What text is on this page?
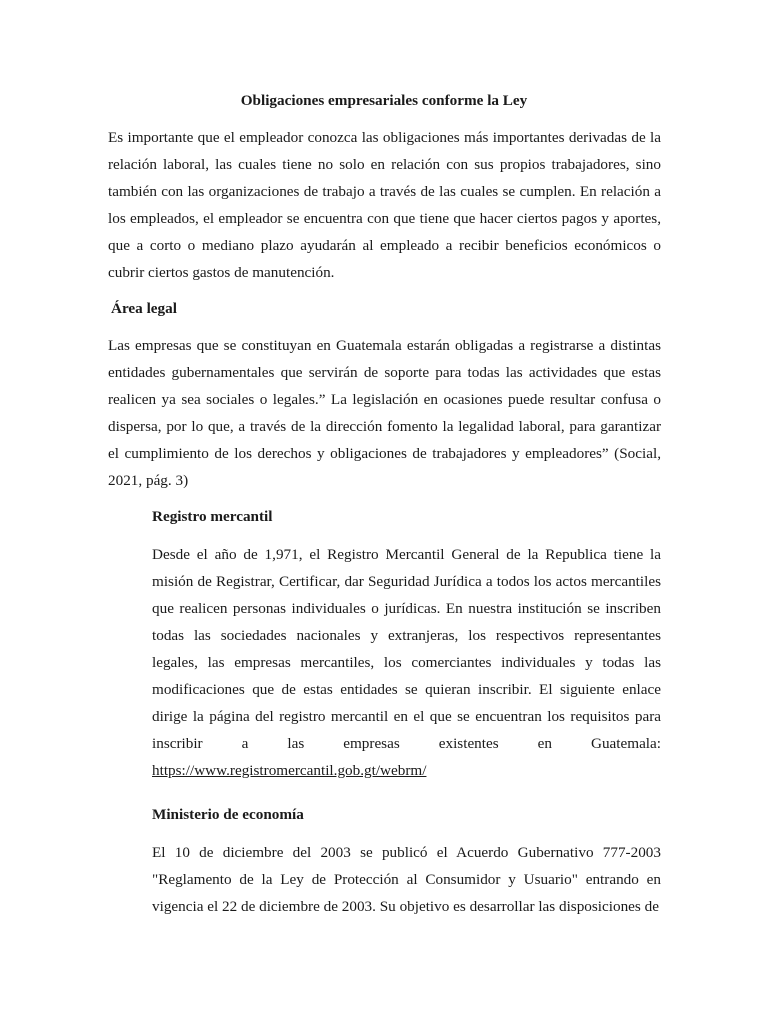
Obligaciones empresariales conforme la Ley

Es importante que el empleador conozca las obligaciones más importantes derivadas de la relación laboral, las cuales tiene no solo en relación con sus propios trabajadores, sino también con las organizaciones de trabajo a través de las cuales se cumplen. En relación a los empleados, el empleador se encuentra con que tiene que hacer ciertos pagos y aportes, que a corto o mediano plazo ayudarán al empleado a recibir beneficios económicos o cubrir ciertos gastos de manutención.

Área legal

Las empresas que se constituyan en Guatemala estarán obligadas a registrarse a distintas entidades gubernamentales que servirán de soporte para todas las actividades que estas realicen ya sea sociales o legales.” La legislación en ocasiones puede resultar confusa o dispersa, por lo que, a través de la dirección fomento la legalidad laboral, para garantizar el cumplimiento de los derechos y obligaciones de trabajadores y empleadores” (Social, 2021, pág. 3)

Registro mercantil

Desde el año de 1,971, el Registro Mercantil General de la Republica tiene la misión de Registrar, Certificar, dar Seguridad Jurídica a todos los actos mercantiles que realicen personas individuales o jurídicas. En nuestra institución se inscriben todas las sociedades nacionales y extranjeras, los respectivos representantes legales, las empresas mercantiles, los comerciantes individuales y todas las modificaciones que de estas entidades se quieran inscribir. El siguiente enlace dirige la página del registro mercantil en el que se encuentran los requisitos para inscribir a las empresas existentes en Guatemala: https://www.registromercantil.gob.gt/webrm/

Ministerio de economía

El 10 de diciembre del 2003 se publicó el Acuerdo Gubernativo 777-2003 "Reglamento de la Ley de Protección al Consumidor y Usuario" entrando en vigencia el 22 de diciembre de 2003. Su objetivo es desarrollar las disposiciones de
